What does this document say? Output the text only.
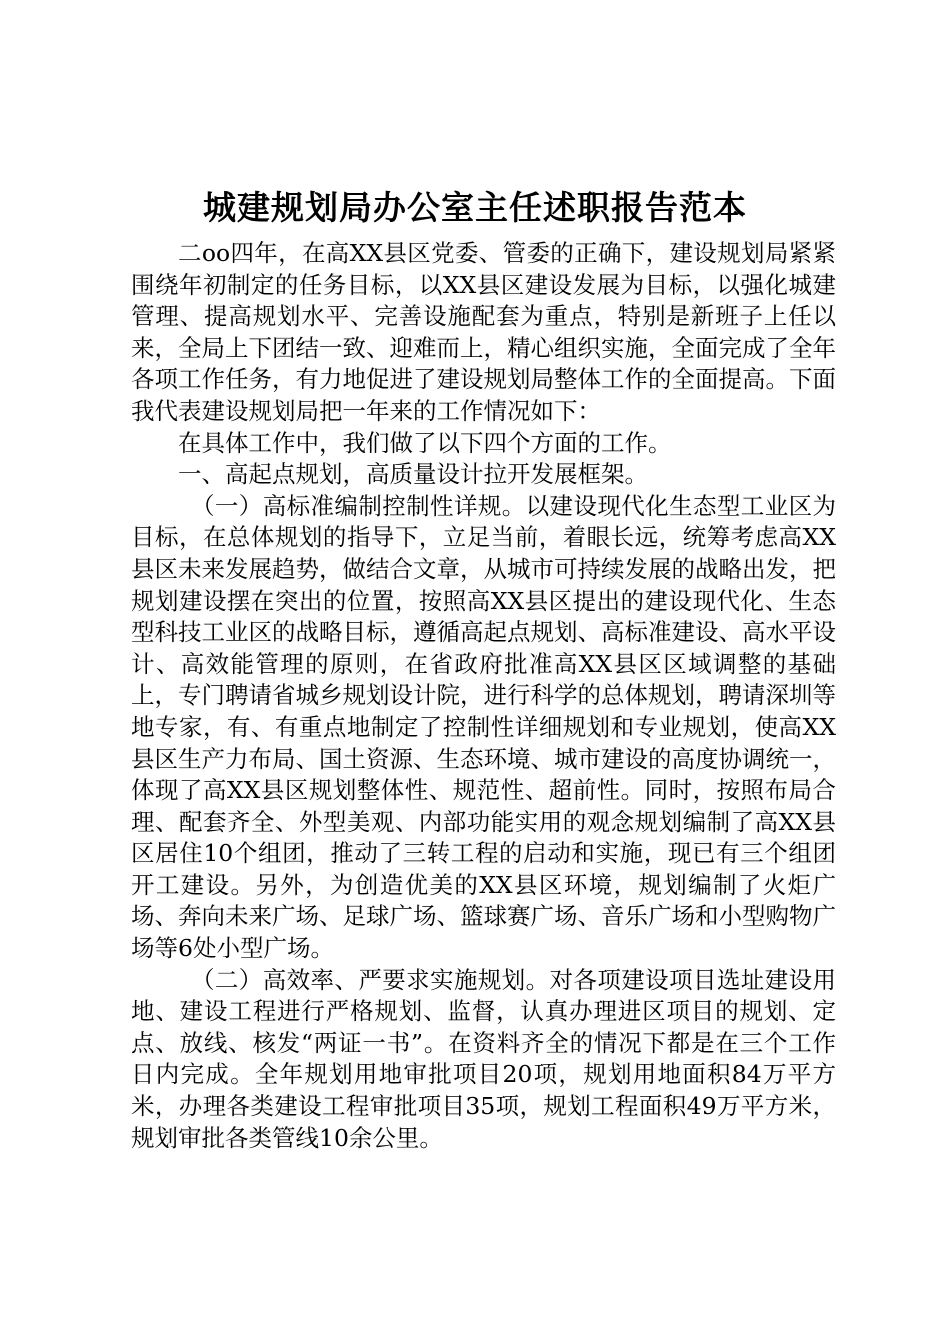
城建规划局办公室主任述职报告范本

二oo四年，在高XX县区党委、管委的正确下，建设规划局紧紧围绕年初制定的任务目标，以XX县区建设发展为目标，以强化城建管理、提高规划水平、完善设施配套为重点，特别是新班子上任以来，全局上下团结一致、迎难而上，精心组织实施，全面完成了全年各项工作任务，有力地促进了建设规划局整体工作的全面提高。下面我代表建设规划局把一年来的工作情况如下：

在具体工作中，我们做了以下四个方面的工作。

一、高起点规划，高质量设计拉开发展框架。

（一）高标准编制控制性详规。以建设现代化生态型工业区为目标，在总体规划的指导下，立足当前，着眼长远，统筹考虑高XX县区未来发展趋势，做结合文章，从城市可持续发展的战略出发，把规划建设摆在突出的位置，按照高XX县区提出的建设现代化、生态型科技工业区的战略目标，遵循高起点规划、高标准建设、高水平设计、高效能管理的原则，在省政府批准高XX县区区域调整的基础上，专门聘请省城乡规划设计院，进行科学的总体规划，聘请深圳等地专家，有、有重点地制定了控制性详细规划和专业规划，使高XX县区生产力布局、国土资源、生态环境、城市建设的高度协调统一，体现了高XX县区规划整体性、规范性、超前性。同时，按照布局合理、配套齐全、外型美观、内部功能实用的观念规划编制了高XX县区居住10个组团，推动了三转工程的启动和实施，现已有三个组团开工建设。另外，为创造优美的XX县区环境，规划编制了火炬广场、奔向未来广场、足球广场、篮球赛广场、音乐广场和小型购物广场等6处小型广场。

（二）高效率、严要求实施规划。对各项建设项目选址建设用地、建设工程进行严格规划、监督，认真办理进区项目的规划、定点、放线、核发“两证一书”。在资料齐全的情况下都是在三个工作日内完成。全年规划用地审批项目20项，规划用地面积84万平方米，办理各类建设工程审批项目35项，规划工程面积49万平方米，规划审批各类管线10余公里。
